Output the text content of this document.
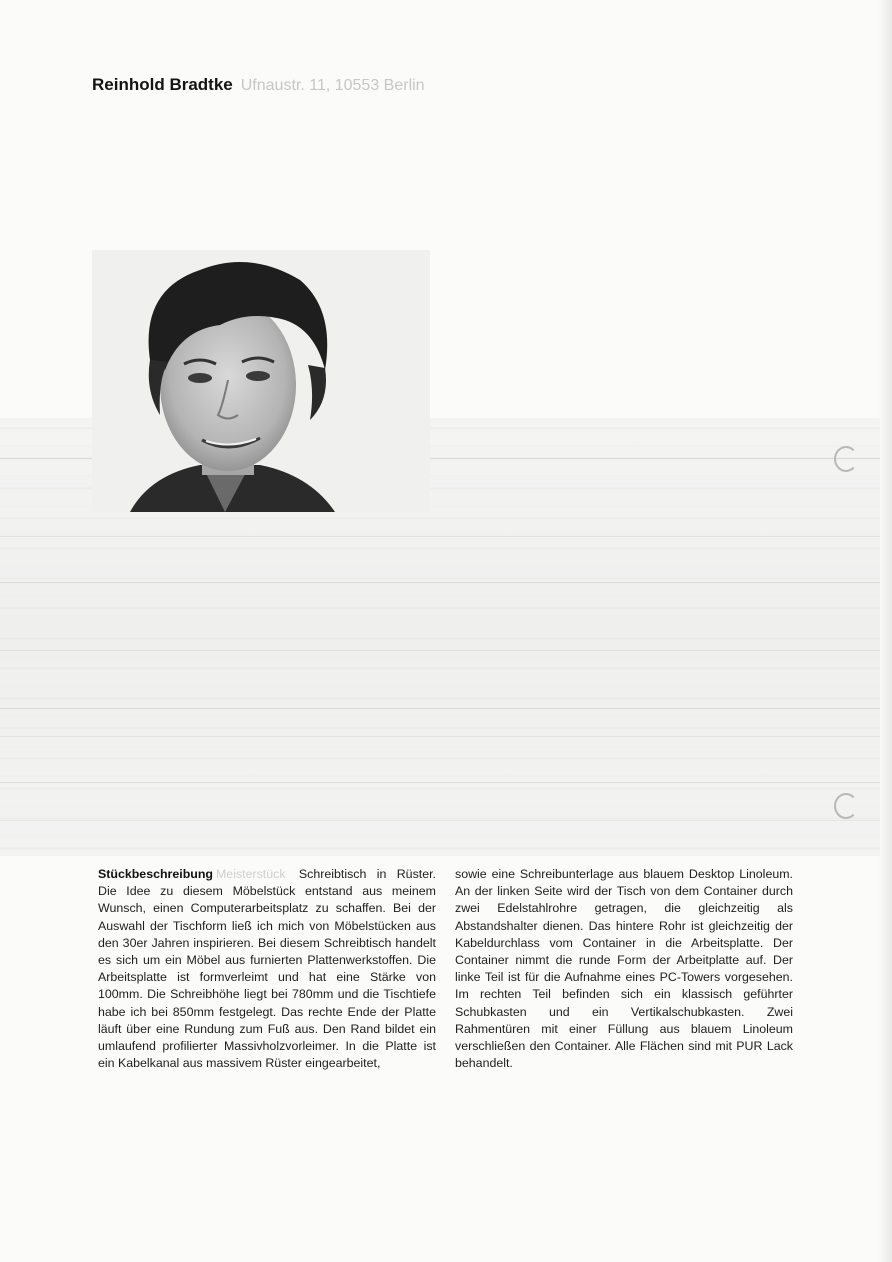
Reinhold Bradtke Ufnaustr. 11, 10553 Berlin
Stückbeschreibung Meisterstück Schreibtisch in Rüster. Die Idee zu diesem Möbelstück entstand aus meinem Wunsch, einen Computerarbeitsplatz zu schaffen. Bei der Auswahl der Tischform ließ ich mich von Möbelstücken aus den 30er Jahren inspirieren. Bei diesem Schreibtisch handelt es sich um ein Möbel aus furnierten Plattenwerkstoffen. Die Arbeitsplatte ist formverleimt und hat eine Stärke von 100mm. Die Schreibhöhe liegt bei 780mm und die Tischtiefe habe ich bei 850mm festgelegt. Das rechte Ende der Platte läuft über eine Rundung zum Fuß aus. Den Rand bildet ein umlaufend profilierter Massivholzvorleimer. In die Platte ist ein Kabelkanal aus massivem Rüster eingearbeitet,
sowie eine Schreibunterlage aus blauem Desktop Linoleum. An der linken Seite wird der Tisch von dem Container durch zwei Edelstahlrohre getragen, die gleichzeitig als Abstandshalter dienen. Das hintere Rohr ist gleichzeitig der Kabeldurchlass vom Container in die Arbeitsplatte. Der Container nimmt die runde Form der Arbeitplatte auf. Der linke Teil ist für die Aufnahme eines PC-Towers vorgesehen. Im rechten Teil befinden sich ein klassisch geführter Schubkasten und ein Vertikalschubkasten. Zwei Rahmentüren mit einer Füllung aus blauem Linoleum verschließen den Container. Alle Flächen sind mit PUR Lack behandelt.
